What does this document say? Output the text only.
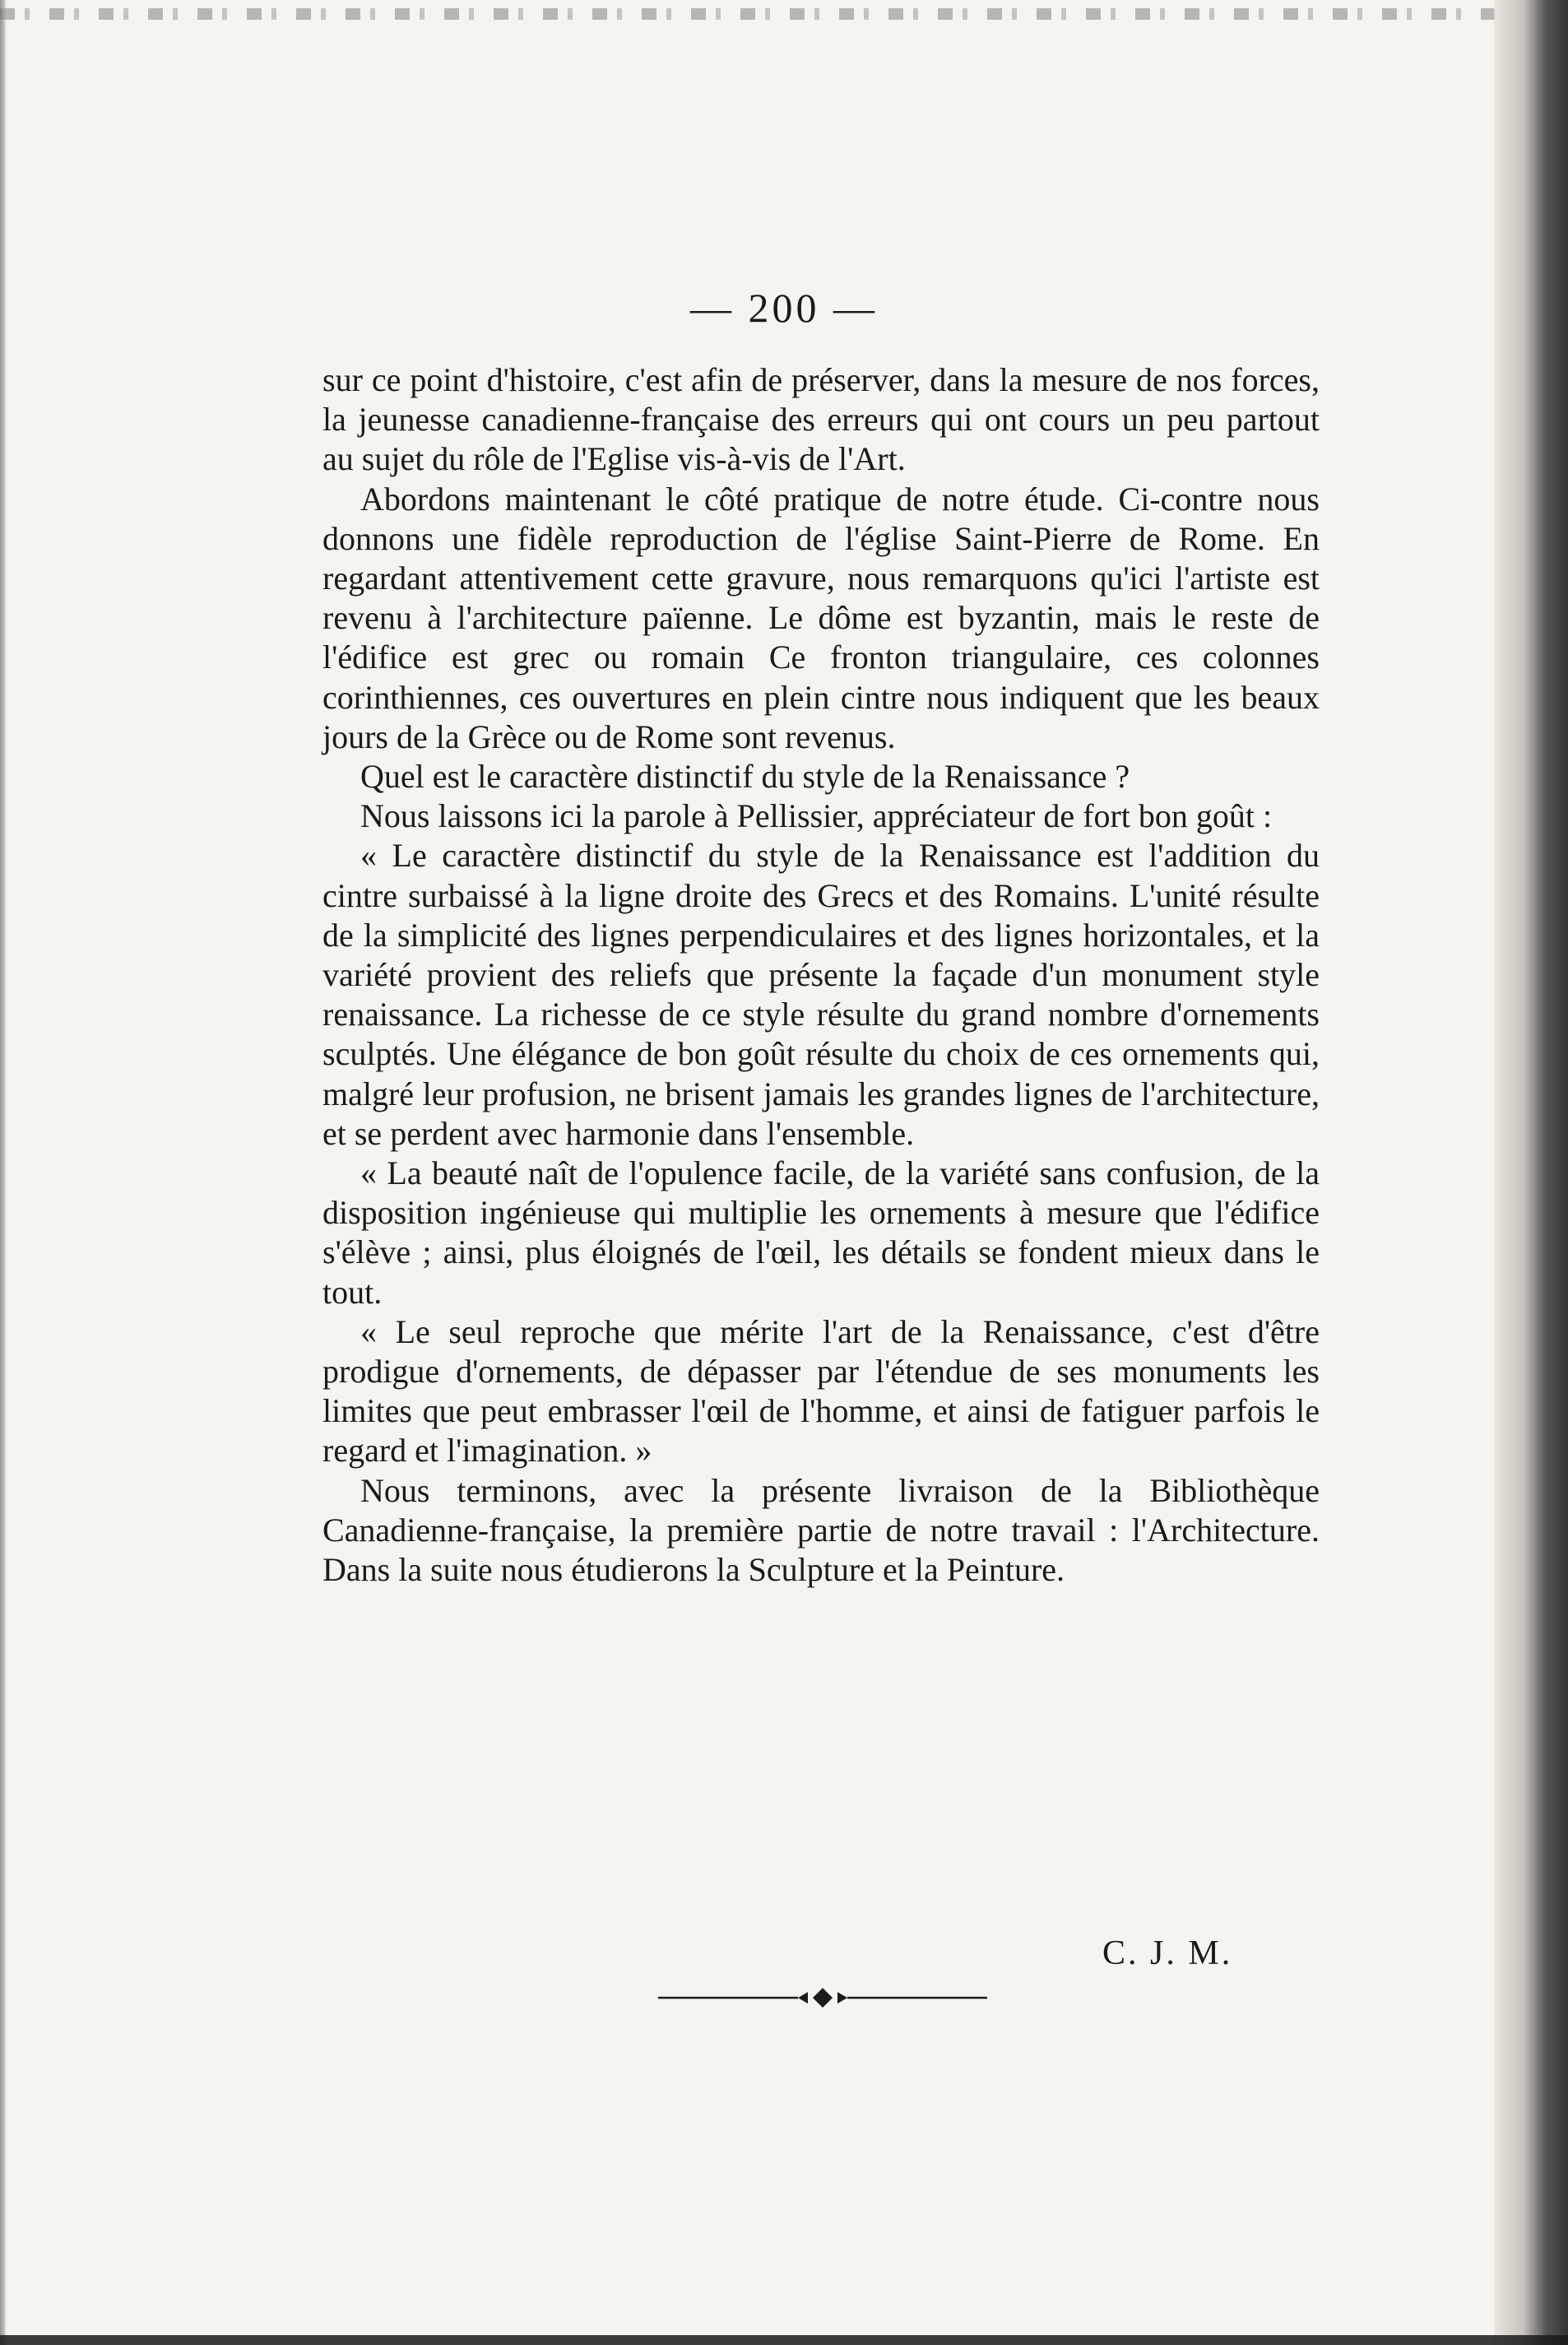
— 200 —

sur ce point d'histoire, c'est afin de préserver, dans la mesure de nos forces, la jeunesse canadienne-française des erreurs qui ont cours un peu partout au sujet du rôle de l'Eglise vis-à-vis de l'Art.

Abordons maintenant le côté pratique de notre étude. Ci-contre nous donnons une fidèle reproduction de l'église Saint-Pierre de Rome. En regardant attentivement cette gravure, nous remarquons qu'ici l'artiste est revenu à l'architecture païenne. Le dôme est byzantin, mais le reste de l'édifice est grec ou romain Ce fronton triangulaire, ces colonnes corinthiennes, ces ouvertures en plein cintre nous indiquent que les beaux jours de la Grèce ou de Rome sont revenus.

Quel est le caractère distinctif du style de la Renaissance ?

Nous laissons ici la parole à Pellissier, appréciateur de fort bon goût :

« Le caractère distinctif du style de la Renaissance est l'addition du cintre surbaissé à la ligne droite des Grecs et des Romains. L'unité résulte de la simplicité des lignes perpendiculaires et des lignes horizontales, et la variété provient des reliefs que présente la façade d'un monument style renaissance. La richesse de ce style résulte du grand nombre d'ornements sculptés. Une élégance de bon goût résulte du choix de ces ornements qui, malgré leur profusion, ne brisent jamais les grandes lignes de l'architecture, et se perdent avec harmonie dans l'ensemble.

« La beauté naît de l'opulence facile, de la variété sans confusion, de la disposition ingénieuse qui multiplie les ornements à mesure que l'édifice s'élève ; ainsi, plus éloignés de l'œil, les détails se fondent mieux dans le tout.

« Le seul reproche que mérite l'art de la Renaissance, c'est d'être prodigue d'ornements, de dépasser par l'étendue de ses monuments les limites que peut embrasser l'œil de l'homme, et ainsi de fatiguer parfois le regard et l'imagination. »

Nous terminons, avec la présente livraison de la Bibliothèque Canadienne-française, la première partie de notre travail : l'Architecture. Dans la suite nous étudierons la Sculpture et la Peinture.

C. J. M.
